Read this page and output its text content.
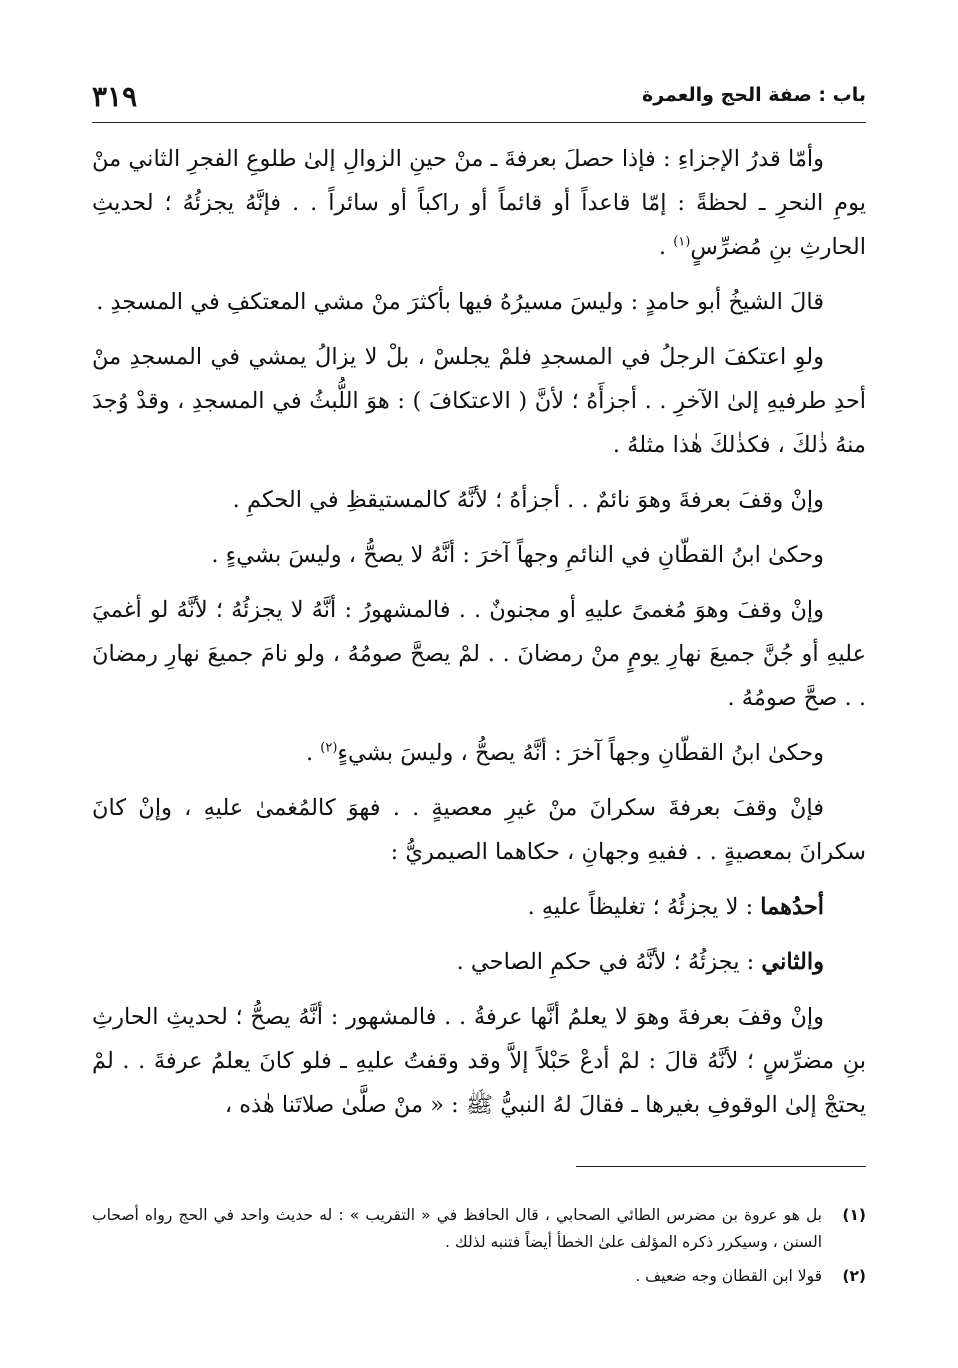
باب : صفة الحج والعمرة
٣١٩

وأمّا قدرُ الإجزاءِ : فإذا حصلَ بعرفةَ ـ منْ حينِ الزوالِ إلىٰ طلوعِ الفجرِ الثاني منْ يومِ النحرِ ـ لحظةً : إمّا قاعداً أو قائماً أو راكباً أو سائراً . . فإنَّهُ يجزئُهُ ؛ لحديثِ الحارثِ بنِ مُضرِّسٍ$^{(١)}$ .

قالَ الشيخُ أبو حامدٍ : وليسَ مسيرُهُ فيها بأكثرَ منْ مشي المعتكفِ في المسجدِ .

ولوِ اعتكفَ الرجلُ في المسجدِ فلمْ يجلسْ ، بلْ لا يزالُ يمشي في المسجدِ منْ أحدِ طرفيهِ إلىٰ الآخرِ . . أجزأَهُ ؛ لأنَّ ( الاعتكافَ ) : هوَ اللُّبثُ في المسجدِ ، وقدْ وُجدَ منهُ ذٰلكَ ، فكذٰلكَ هٰذا مثلهُ .

وإنْ وقفَ بعرفةَ وهوَ نائمٌ . . أجزأهُ ؛ لأنَّهُ كالمستيقظِ في الحكمِ .

وحكىٰ ابنُ القطّانِ في النائمِ وجهاً آخرَ : أنَّهُ لا يصحُّ ، وليسَ بشيءٍ .

وإنْ وقفَ وهوَ مُغمىً عليهِ أو مجنونٌ . . فالمشهورُ : أنَّهُ لا يجزئُهُ ؛ لأنَّهُ لو أغميَ عليهِ أو جُنَّ جميعَ نهارِ يومٍ منْ رمضانَ . . لمْ يصحَّ صومُهُ ، ولو نامَ جميعَ نهارِ رمضانَ . . صحَّ صومُهُ .

وحكىٰ ابنُ القطّانِ وجهاً آخرَ : أنَّهُ يصحُّ ، وليسَ بشيءٍ$^{(٢)}$ .

فإنْ وقفَ بعرفةَ سكرانَ منْ غيرِ معصيةٍ . . فهوَ كالمُغمىٰ عليهِ ، وإنْ كانَ سكرانَ بمعصيةٍ . . ففيهِ وجهانِ ، حكاهما الصيمريُّ :

أحدُهما : لا يجزئُهُ ؛ تغليظاً عليهِ .

والثاني : يجزئُهُ ؛ لأنَّهُ في حكمِ الصاحي .

وإنْ وقفَ بعرفةَ وهوَ لا يعلمُ أنَّها عرفةُ . . فالمشهور : أنَّهُ يصحُّ ؛ لحديثِ الحارثِ بنِ مضرِّسٍ ؛ لأنَّهُ قالَ : لمْ أدعْ حَبْلاً إلاَّ وقد وقفتُ عليهِ ـ فلو كانَ يعلمُ عرفةَ . . لمْ يحتجْ إلىٰ الوقوفِ بغيرها ـ فقالَ لهُ النبيُّ ﷺ : « منْ صلَّىٰ صلاتَنا هٰذه ،

(١)
بل هو عروة بن مضرس الطائي الصحابي ، قال الحافظ في « التقريب » : له حديث واحد في الحج رواه أصحاب السنن ، وسيكرر ذكره المؤلف علىٰ الخطأ أيضاً فتنبه لذلك .
(٢)
قولا ابن القطان وجه ضعيف .
